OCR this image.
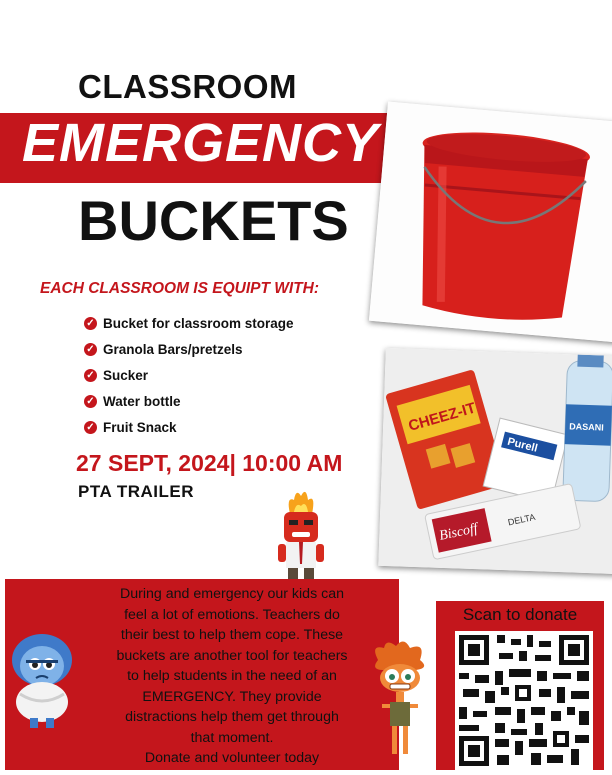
CLASSROOM
EMERGENCY
BUCKETS
CHEEZ-IT
Purell
DASANI
Biscoff
DELTA
EACH CLASSROOM IS EQUIPT WITH:
✓ Bucket for classroom storage
✓ Granola Bars/pretzels
✓ Sucker
✓ Water bottle
✓ Fruit Snack
27 SEPT, 2024| 10:00 AM
PTA TRAILER
During and emergency our kids can
feel a lot of emotions. Teachers do
their best to help them cope. These
buckets are another tool for teachers
to help students in the need of an
EMERGENCY. They provide
distractions help them get through
that moment.
Donate and volunteer today
Scan to donate
